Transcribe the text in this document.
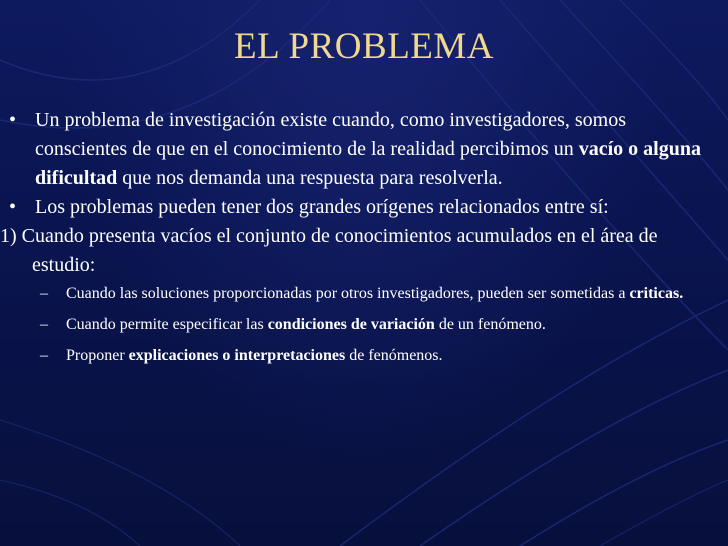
EL PROBLEMA
• Un problema de investigación existe cuando, como investigadores, somos conscientes de que en el conocimiento de la realidad percibimos un vacío o alguna dificultad que nos demanda una respuesta para resolverla.
• Los problemas pueden tener dos grandes orígenes relacionados entre sí:
1) Cuando presenta vacíos el conjunto de conocimientos acumulados en el área de estudio:
– Cuando las soluciones proporcionadas por otros investigadores, pueden ser sometidas a criticas.
– Cuando permite especificar las condiciones de variación de un fenómeno.
– Proponer explicaciones o interpretaciones de fenómenos.
